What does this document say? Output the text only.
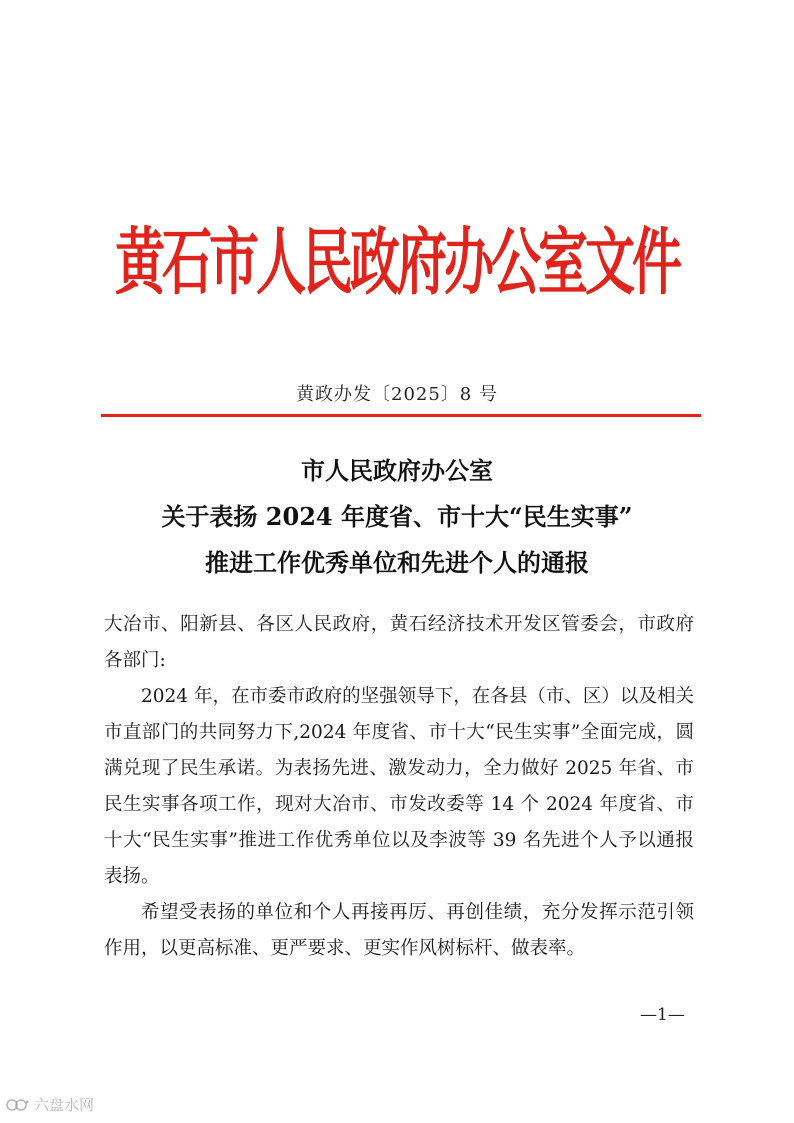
黄石市人民政府办公室文件
黄政办发〔2025〕8 号
市人民政府办公室
关于表扬 2024 年度省、市十大“民生实事”
推进工作优秀单位和先进个人的通报

大冶市、阳新县、各区人民政府，黄石经济技术开发区管委会，市政府各部门:

2024 年，在市委市政府的坚强领导下，在各县（市、区）以及相关市直部门的共同努力下,2024 年度省、市十大“民生实事”全面完成，圆满兑现了民生承诺。为表扬先进、激发动力，全力做好 2025 年省、市民生实事各项工作，现对大冶市、市发改委等 14 个 2024 年度省、市十大“民生实事”推进工作优秀单位以及李波等 39 名先进个人予以通报表扬。

希望受表扬的单位和个人再接再厉、再创佳绩，充分发挥示范引领作用，以更高标准、更严要求、更实作风树标杆、做表率。

—1—
六盘水网
